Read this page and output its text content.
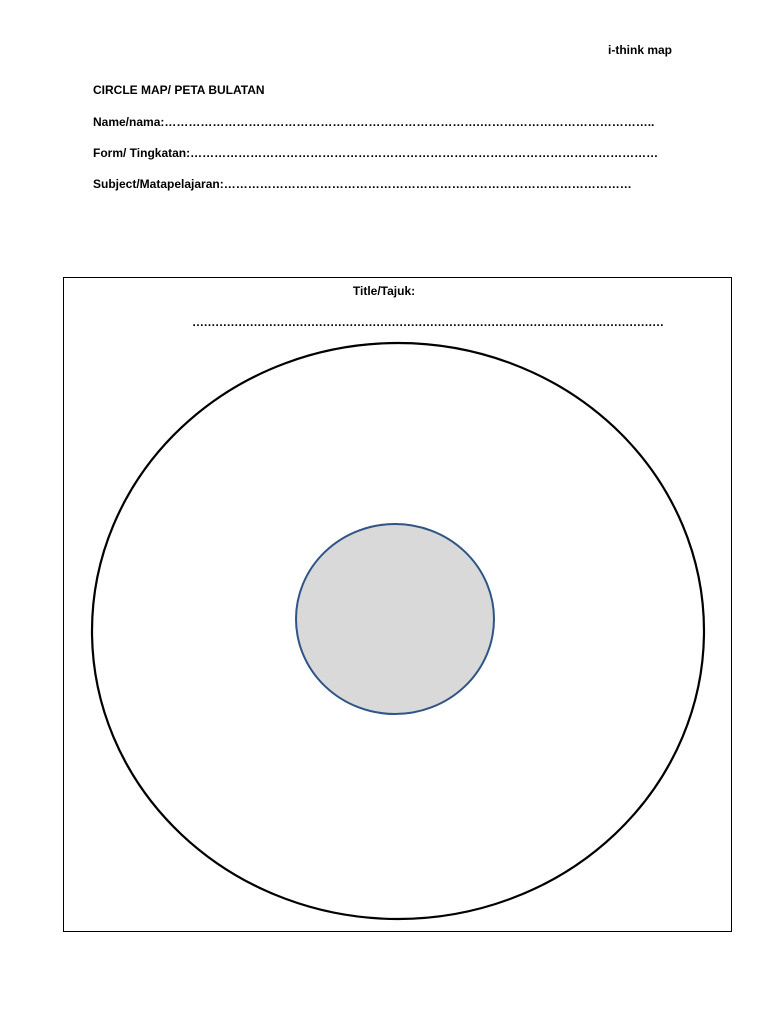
i-think map
CIRCLE MAP/ PETA BULATAN
Name/nama:…………………………………………………………………….……………………………………..
Form/ Tingkatan:………………………………………………………………………………………………………
Subject/Matapelajaran:…………………………………………………………………………………………
Title/Tajuk:
……………………………………………………………………………………………………………
